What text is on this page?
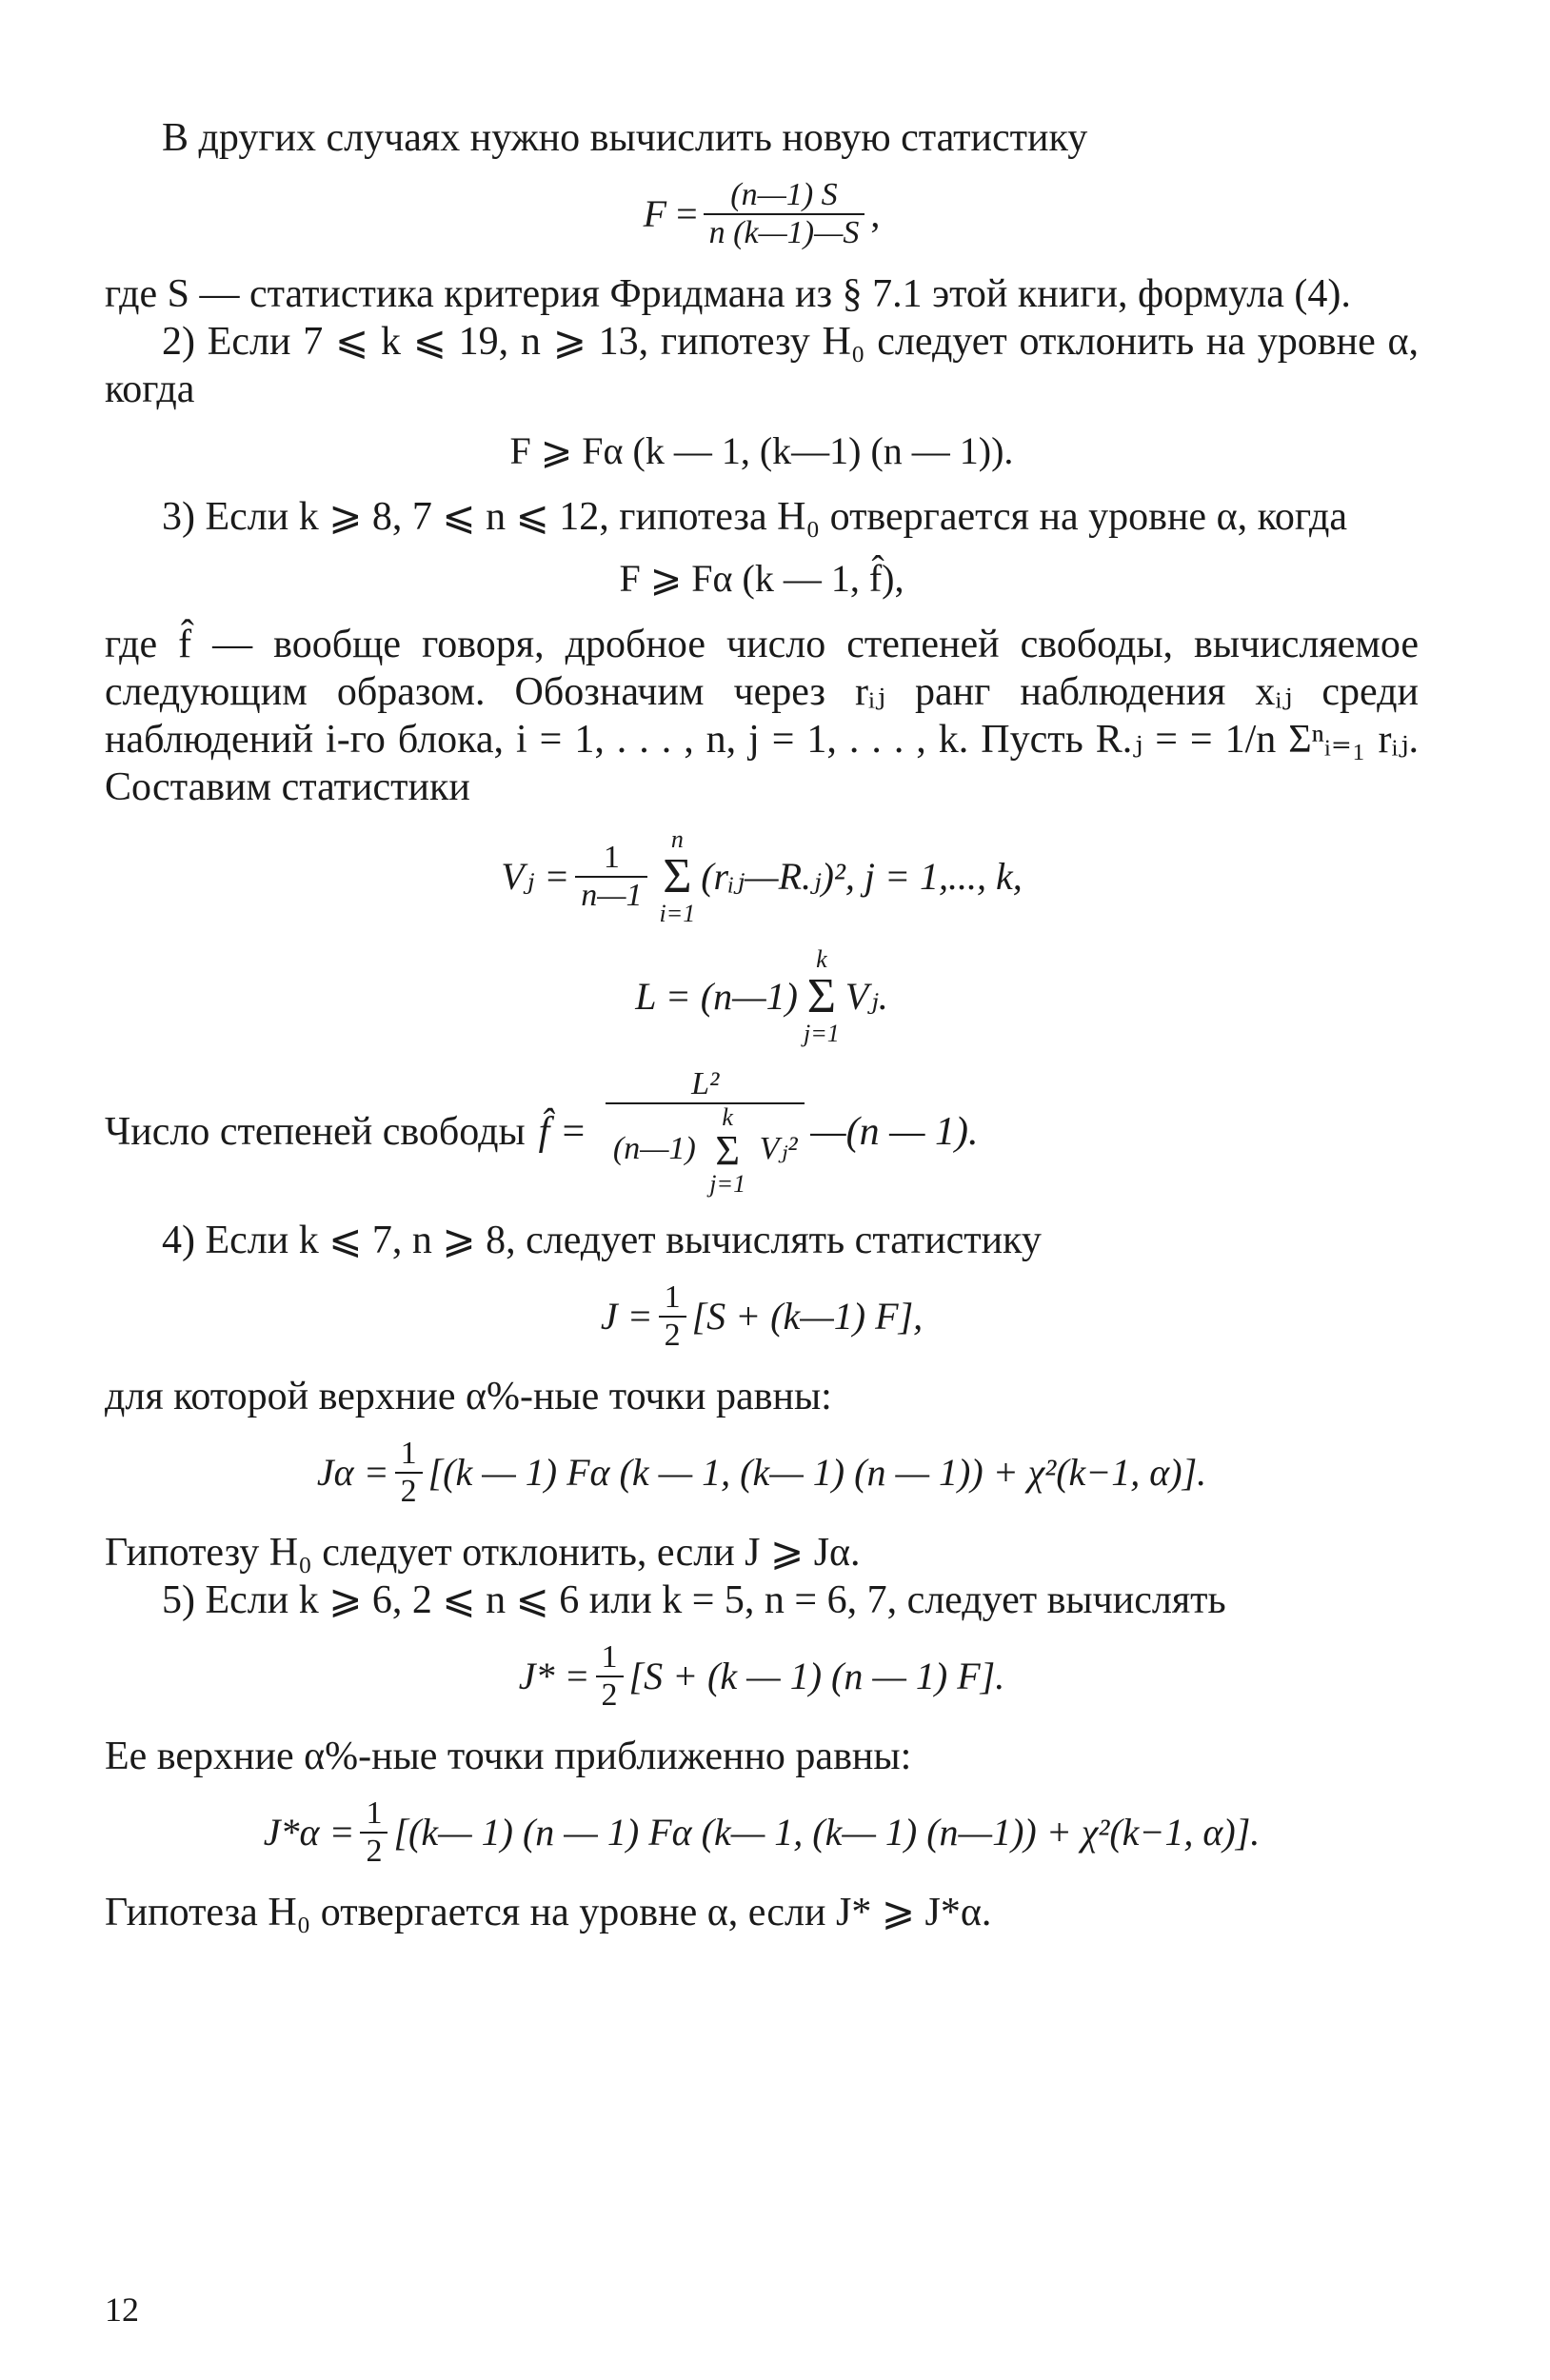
В других случаях нужно вычислить новую статистику

$F = \frac{(n—1) S}{n (k—1)—S}$ ,

где S — статистика критерия Фридмана из § 7.1 этой книги, формула (4).

2) Если 7 ⩽ k ⩽ 19, n ⩾ 13, гипотезу H₀ следует отклонить на уровне α, когда

F ⩾ Fα (k — 1, (k—1) (n — 1)).

3) Если k ⩾ 8, 7 ⩽ n ⩽ 12, гипотеза H₀ отвергается на уровне α, когда

F ⩾ Fα (k — 1, f̂),

где f̂ — вообще говоря, дробное число степеней свободы, вычисляемое следующим образом. Обозначим через rᵢⱼ ранг наблюдения xᵢⱼ среди наблюдений i-го блока, i = 1, . . . , n, j = 1, . . . , k. Пусть R.ⱼ = = 1/n Σⁿᵢ₌₁ rᵢⱼ. Составим статистики

Vⱼ = $\frac{1}{n—1}$
n
Σ
i=1
(rᵢⱼ—R.ⱼ)², j = 1,..., k,
L = (n—1)
k
Σ
j=1
Vⱼ.
Число степеней свободы f̂ =
L²
(n—1)
k
Σ
j=1
Vⱼ² —(n — 1).

4) Если k ⩽ 7, n ⩾ 8, следует вычислять статистику

$J = \frac{1}{2} [S$ + (k—1) F],

для которой верхние α%-ные точки равны:

$J\alpha = \frac{1}{2} [(k$ — 1) Fα (k — 1, (k— 1) (n — 1)) + χ²(k−1, α)].

Гипотезу H₀ следует отклонить, если J ⩾ Jα.

5) Если k ⩾ 6, 2 ⩽ n ⩽ 6 или k = 5, n = 6, 7, следует вычислять

$J* = \frac{1}{2} [S + (k$ — 1) (n — 1) F].

Ее верхние α%-ные точки приближенно равны:

$J*\alpha = \frac{1}{2}$ [(k— 1) (n — 1) Fα (k— 1, (k— 1) (n—1)) + χ²(k−1, α)].

Гипотеза H₀ отвергается на уровне α, если J* ⩾ J*α.

12
